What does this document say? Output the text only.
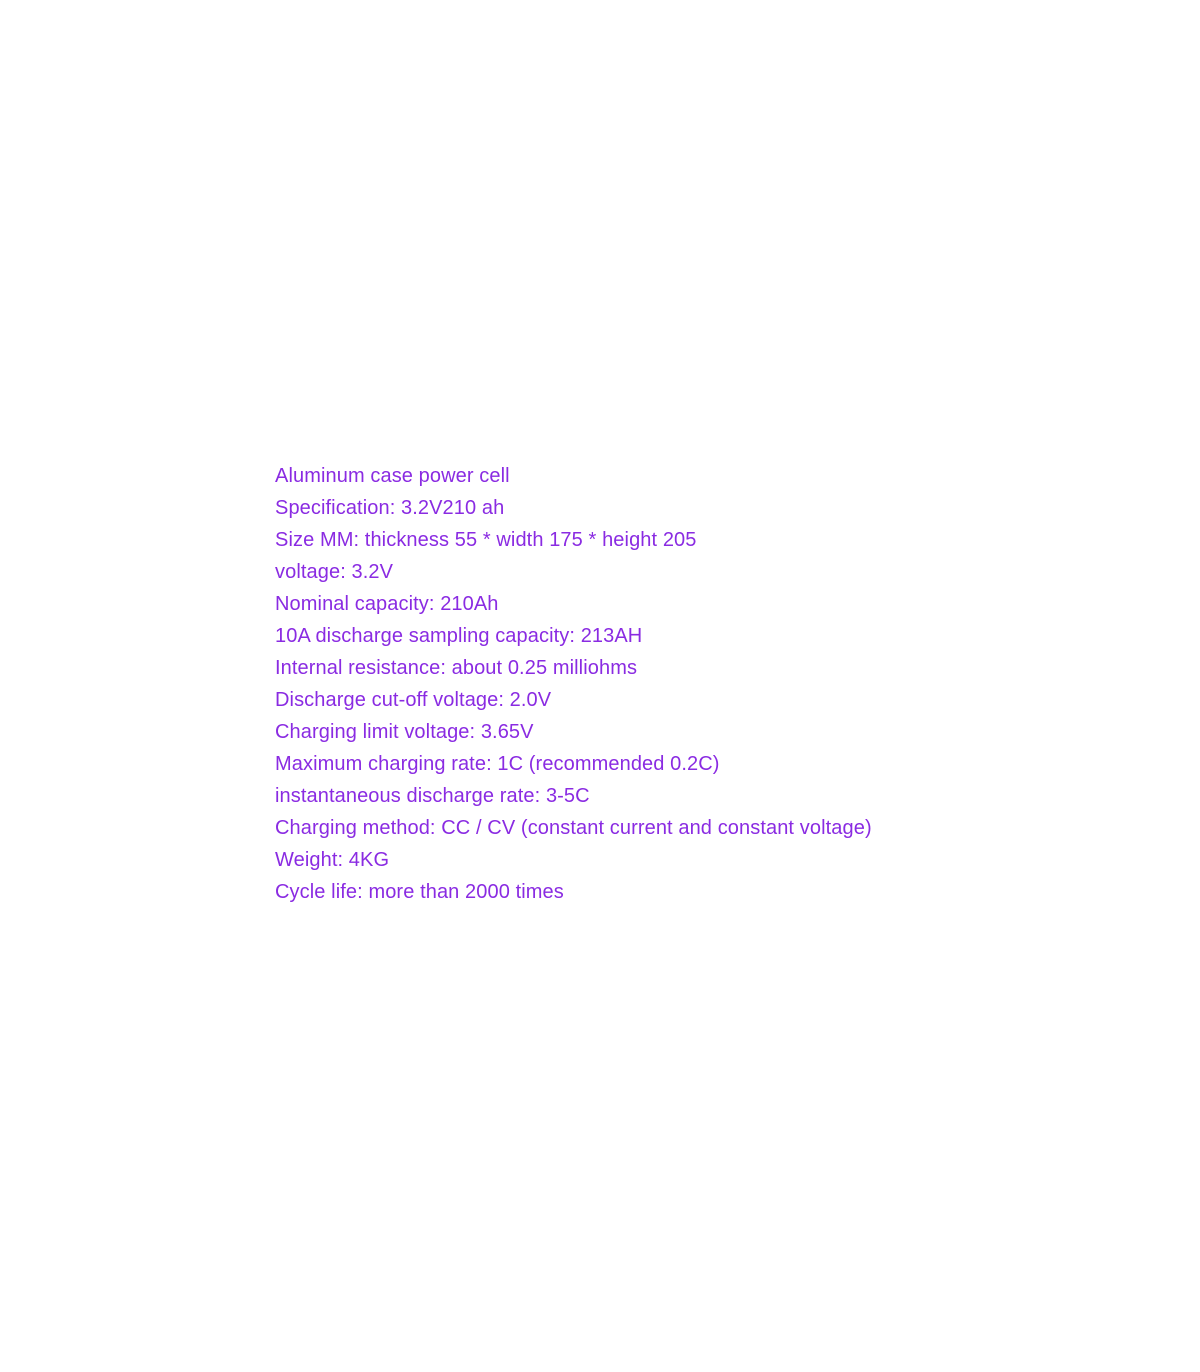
Aluminum case power cell
Specification: 3.2V210 ah
Size MM: thickness 55 * width 175 * height 205
voltage: 3.2V
Nominal capacity: 210Ah
10A discharge sampling capacity: 213AH
Internal resistance: about 0.25 milliohms
Discharge cut-off voltage: 2.0V
Charging limit voltage: 3.65V
Maximum charging rate: 1C (recommended 0.2C)
instantaneous discharge rate: 3-5C
Charging method: CC / CV (constant current and constant voltage)
Weight: 4KG
Cycle life: more than 2000 times
